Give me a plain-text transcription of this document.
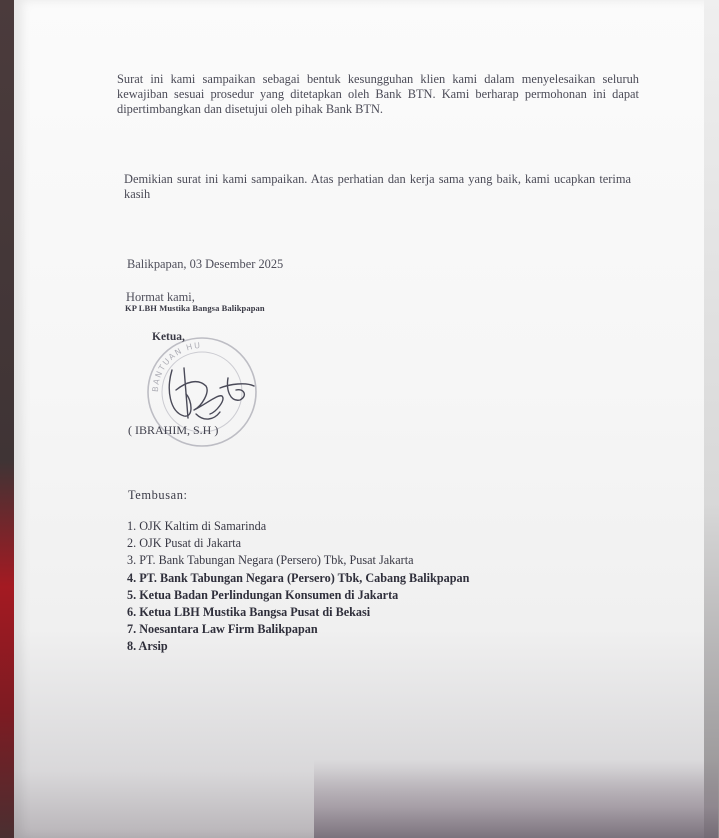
Surat ini kami sampaikan sebagai bentuk kesungguhan klien kami dalam menyelesaikan seluruh kewajiban sesuai prosedur yang ditetapkan oleh Bank BTN. Kami berharap permohonan ini dapat dipertimbangkan dan disetujui oleh pihak Bank BTN.

Demikian surat ini kami sampaikan. Atas perhatian dan kerja sama yang baik, kami ucapkan terima kasih

Balikpapan, 03 Desember 2025

Hormat kami,

KP LBH Mustika Bangsa Balikpapan

BANTUAN HU

Ketua,

( IBRAHIM, S.H )

Tembusan:

1. OJK Kaltim di Samarinda
2. OJK Pusat di Jakarta
3. PT. Bank Tabungan Negara (Persero) Tbk, Pusat Jakarta
4. PT. Bank Tabungan Negara (Persero) Tbk, Cabang Balikpapan
5. Ketua Badan Perlindungan Konsumen di Jakarta
6. Ketua LBH Mustika Bangsa Pusat di Bekasi
7. Noesantara Law Firm Balikpapan
8. Arsip
